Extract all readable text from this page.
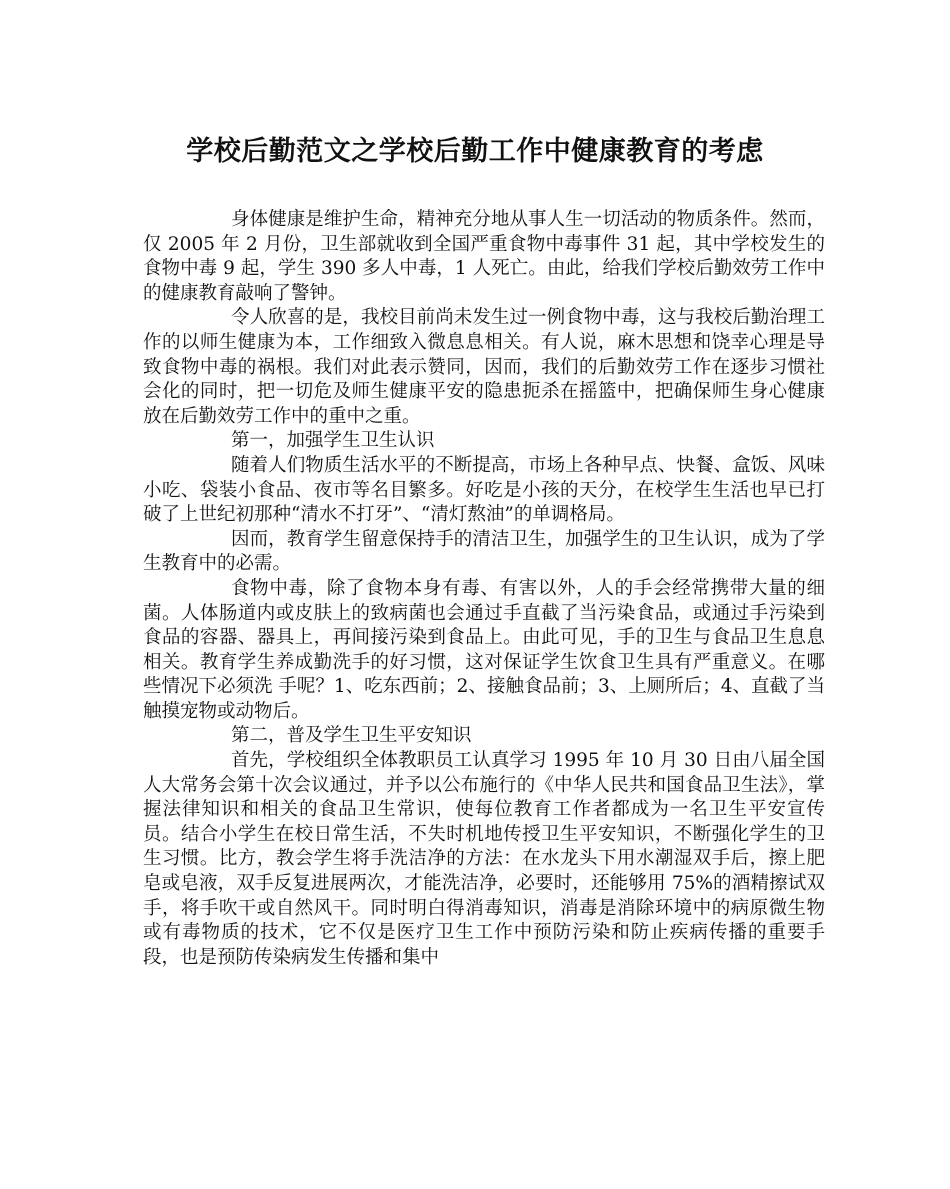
学校后勤范文之学校后勤工作中健康教育的考虑

身体健康是维护生命，精神充分地从事人生一切活动的物质条件。然而，仅 2005 年 2 月份，卫生部就收到全国严重食物中毒事件 31 起，其中学校发生的食物中毒 9 起，学生 390 多人中毒，1 人死亡。由此，给我们学校后勤效劳工作中的健康教育敲响了警钟。

令人欣喜的是，我校目前尚未发生过一例食物中毒，这与我校后勤治理工作的以师生健康为本，工作细致入微息息相关。有人说，麻木思想和饶幸心理是导致食物中毒的祸根。我们对此表示赞同，因而，我们的后勤效劳工作在逐步习惯社会化的同时，把一切危及师生健康平安的隐患扼杀在摇篮中，把确保师生身心健康放在后勤效劳工作中的重中之重。

第一，加强学生卫生认识

随着人们物质生活水平的不断提高，市场上各种早点、快餐、盒饭、风味小吃、袋装小食品、夜市等名目繁多。好吃是小孩的天分，在校学生生活也早已打破了上世纪初那种“清水不打牙”、“清灯熬油”的单调格局。

因而，教育学生留意保持手的清洁卫生，加强学生的卫生认识，成为了学生教育中的必需。

食物中毒，除了食物本身有毒、有害以外，人的手会经常携带大量的细菌。人体肠道内或皮肤上的致病菌也会通过手直截了当污染食品，或通过手污染到食品的容器、器具上，再间接污染到食品上。由此可见，手的卫生与食品卫生息息相关。教育学生养成勤洗手的好习惯，这对保证学生饮食卫生具有严重意义。在哪些情况下必须洗 手呢？1、吃东西前；2、接触食品前；3、上厕所后；4、直截了当触摸宠物或动物后。

第二，普及学生卫生平安知识

首先，学校组织全体教职员工认真学习 1995 年 10 月 30 日由八届全国人大常务会第十次会议通过，并予以公布施行的《中华人民共和国食品卫生法》，掌握法律知识和相关的食品卫生常识，使每位教育工作者都成为一名卫生平安宣传员。结合小学生在校日常生活，不失时机地传授卫生平安知识，不断强化学生的卫生习惯。比方，教会学生将手洗洁净的方法：在水龙头下用水潮湿双手后，擦上肥皂或皂液，双手反复进展两次，才能洗洁净，必要时，还能够用 75%的酒精擦试双手，将手吹干或自然风干。同时明白得消毒知识，消毒是消除环境中的病原微生物或有毒物质的技术，它不仅是医疗卫生工作中预防污染和防止疾病传播的重要手段，也是预防传染病发生传播和集中
